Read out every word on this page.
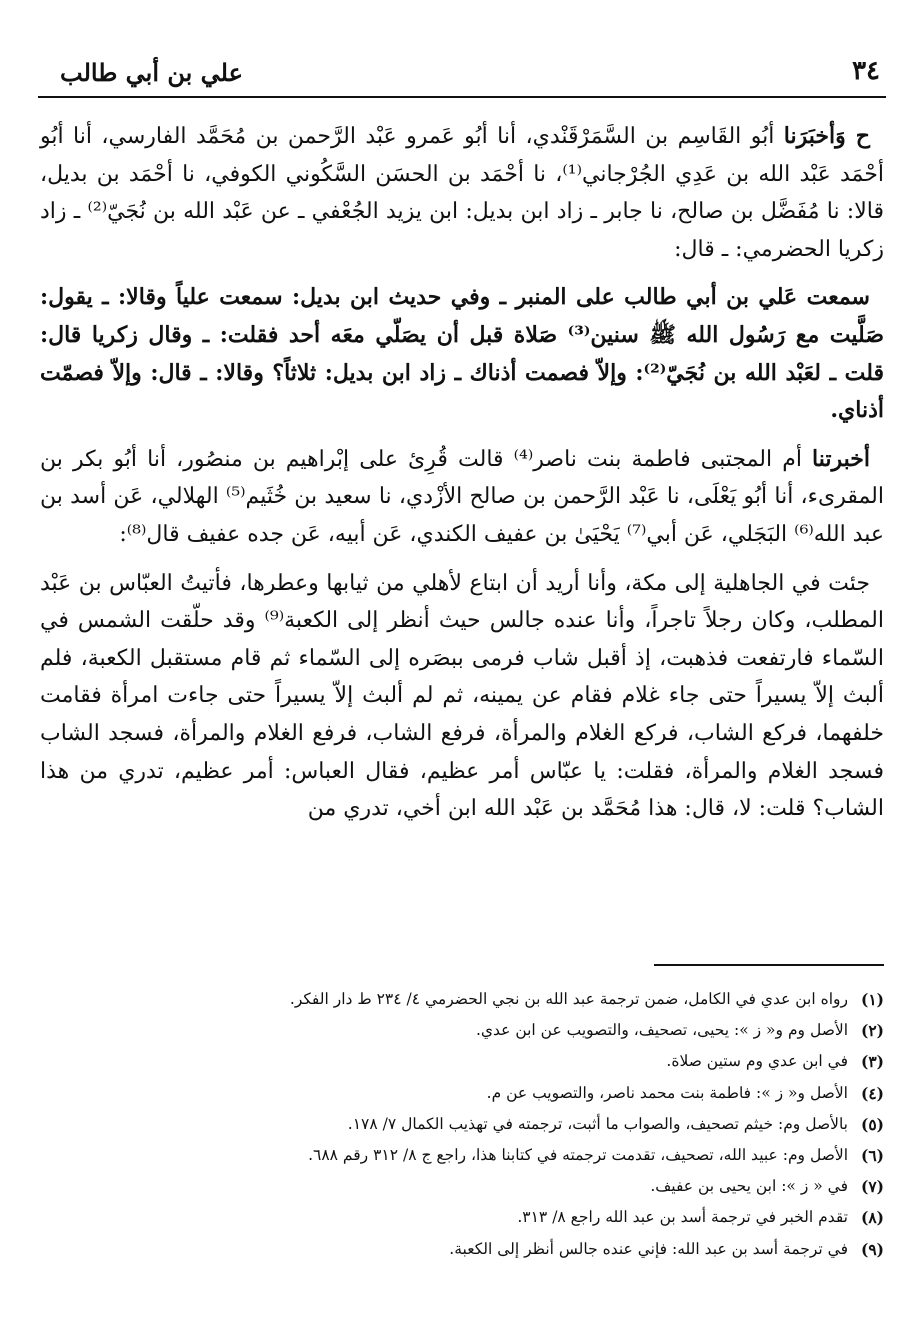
٣٤
علي بن أبي طالب

ح وَأخبَرَنا أبُو القَاسِم بن السَّمَرْقَنْدي، أنا أبُو عَمرو عَبْد الرَّحمن بن مُحَمَّد الفارسي، أنا أبُو أحْمَد عَبْد الله بن عَدِي الجُرْجاني⁽¹⁾، نا أحْمَد بن الحسَن السَّكُوني الكوفي، نا أحْمَد بن بديل، قالا: نا مُفَضَّل بن صالح، نا جابر ـ زاد ابن بديل: ابن يزيد الجُعْفي ـ عن عَبْد الله بن نُجَيّ⁽²⁾ ـ زاد زكريا الحضرمي: ـ قال:

سمعت عَلي بن أبي طالب على المنبر ـ وفي حديث ابن بديل: سمعت علياً وقالا: ـ يقول: صَلَّيت مع رَسُول الله ﷺ سنين⁽³⁾ صَلاة قبل أن يصَلّي معَه أحد فقلت: ـ وقال زكريا قال: قلت ـ لعَبْد الله بن نُجَيّ⁽²⁾: وإلاّ فصمت أذناك ـ زاد ابن بديل: ثلاثاً؟ وقالا: ـ قال: وإلاّ فصمّت أذناي.

أخبرتنا أم المجتبى فاطمة بنت ناصر⁽⁴⁾ قالت قُرِئ على إبْراهيم بن منصُور، أنا أبُو بكر بن المقرىء، أنا أبُو يَعْلَى، نا عَبْد الرَّحمن بن صالح الأزْدي، نا سعيد بن خُثَيم⁽⁵⁾ الهلالي، عَن أسد بن عبد الله⁽⁶⁾ البَجَلي، عَن أبي⁽⁷⁾ يَحْيَىٰ بن عفيف الكندي، عَن أبيه، عَن جده عفيف قال⁽⁸⁾:

جئت في الجاهلية إلى مكة، وأنا أريد أن ابتاع لأهلي من ثيابها وعطرها، فأتيتُ العبّاس بن عَبْد المطلب، وكان رجلاً تاجراً، وأنا عنده جالس حيث أنظر إلى الكعبة⁽⁹⁾ وقد حلّقت الشمس في السّماء فارتفعت فذهبت، إذ أقبل شاب فرمى ببصَره إلى السّماء ثم قام مستقبل الكعبة، فلم ألبث إلاّ يسيراً حتى جاء غلام فقام عن يمينه، ثم لم ألبث إلاّ يسيراً حتى جاءت امرأة فقامت خلفهما، فركع الشاب، فركع الغلام والمرأة، فرفع الشاب، فرفع الغلام والمرأة، فسجد الشاب فسجد الغلام والمرأة، فقلت: يا عبّاس أمر عظيم، فقال العباس: أمر عظيم، تدري من هذا الشاب؟ قلت: لا، قال: هذا مُحَمَّد بن عَبْد الله ابن أخي، تدري من

(١)
رواه ابن عدي في الكامل، ضمن ترجمة عبد الله بن نجي الحضرمي ٤/ ٢٣٤ ط دار الفكر.
(٢)
الأصل وم و« ز »: يحيى، تصحيف، والتصويب عن ابن عدي.
(٣)
في ابن عدي وم ستين صلاة.
(٤)
الأصل و« ز »: فاطمة بنت محمد ناصر، والتصويب عن م.
(٥)
بالأصل وم: خيثم تصحيف، والصواب ما أثبت، ترجمته في تهذيب الكمال ٧/ ١٧٨.
(٦)
الأصل وم: عبيد الله، تصحيف، تقدمت ترجمته في كتابنا هذا، راجع ج ٨/ ٣١٢ رقم ٦٨٨.
(٧)
في « ز »: ابن يحيى بن عفيف.
(٨)
تقدم الخبر في ترجمة أسد بن عبد الله راجع ٨/ ٣١٣.
(٩)
في ترجمة أسد بن عبد الله: فإني عنده جالس أنظر إلى الكعبة.
